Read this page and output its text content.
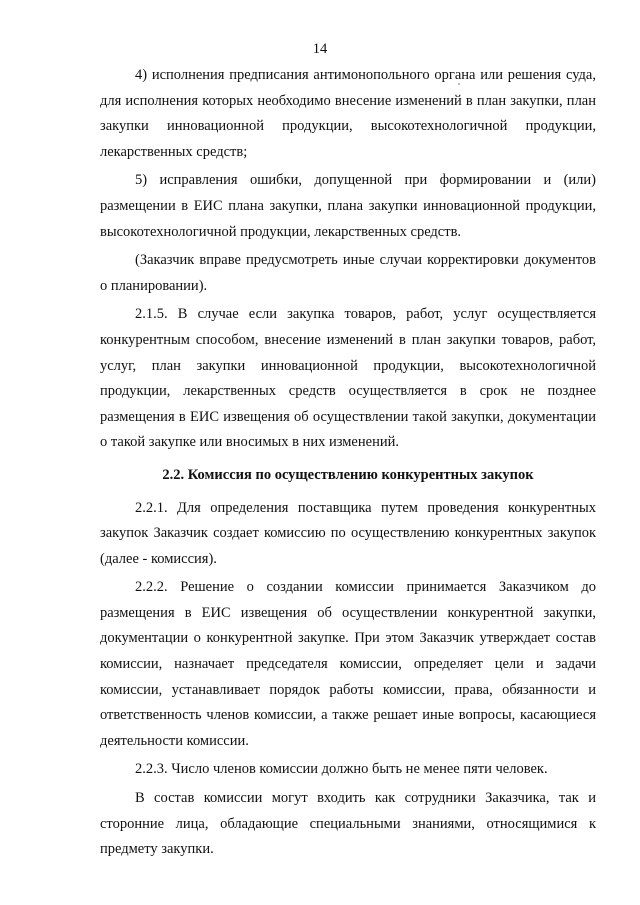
14

4) исполнения предписания антимонопольного органа или решения суда, для исполнения которых необходимо внесение изменений в план закупки, план закупки инновационной продукции, высокотехнологичной продукции, лекарственных средств;

5) исправления ошибки, допущенной при формировании и (или) размещении в ЕИС плана закупки, плана закупки инновационной продукции, высокотехнологичной продукции, лекарственных средств.

(Заказчик вправе предусмотреть иные случаи корректировки документов о планировании).

2.1.5. В случае если закупка товаров, работ, услуг осуществляется конкурентным способом, внесение изменений в план закупки товаров, работ, услуг, план закупки инновационной продукции, высокотехнологичной продукции, лекарственных средств осуществляется в срок не позднее размещения в ЕИС извещения об осуществлении такой закупки, документации о такой закупке или вносимых в них изменений.

2.2. Комиссия по осуществлению конкурентных закупок

2.2.1. Для определения поставщика путем проведения конкурентных закупок Заказчик создает комиссию по осуществлению конкурентных закупок (далее - комиссия).

2.2.2. Решение о создании комиссии принимается Заказчиком до размещения в ЕИС извещения об осуществлении конкурентной закупки, документации о конкурентной закупке. При этом Заказчик утверждает состав комиссии, назначает председателя комиссии, определяет цели и задачи комиссии, устанавливает порядок работы комиссии, права, обязанности и ответственность членов комиссии, а также решает иные вопросы, касающиеся деятельности комиссии.

2.2.3. Число членов комиссии должно быть не менее пяти человек.

В состав комиссии могут входить как сотрудники Заказчика, так и сторонние лица, обладающие специальными знаниями, относящимися к предмету закупки.
